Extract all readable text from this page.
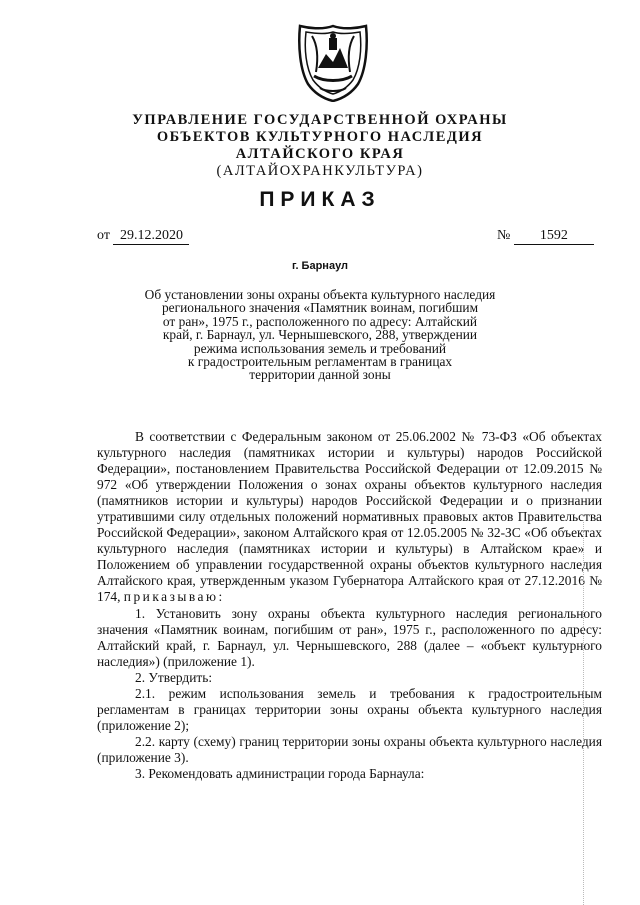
УПРАВЛЕНИЕ ГОСУДАРСТВЕННОЙ ОХРАНЫ
ОБЪЕКТОВ КУЛЬТУРНОГО НАСЛЕДИЯ
АЛТАЙСКОГО КРАЯ
(АЛТАЙОХРАНКУЛЬТУРА)
ПРИКАЗ
от 29.12.2020	№ 1592
г. Барнаул
Об установлении зоны охраны объекта культурного наследия
регионального значения «Памятник воинам, погибшим
от ран», 1975 г., расположенного по адресу: Алтайский
край, г. Барнаул, ул. Чернышевского, 288, утверждении
режима использования земель и требований
к градостроительным регламентам в границах
территории данной зоны

В соответствии с Федеральным законом от 25.06.2002 № 73-ФЗ «Об объектах культурного наследия (памятниках истории и культуры) народов Российской Федерации», постановлением Правительства Российской Федерации от 12.09.2015 № 972 «Об утверждении Положения о зонах охраны объектов культурного наследия (памятников истории и культуры) народов Российской Федерации и о признании утратившими силу отдельных положений нормативных правовых актов Правительства Российской Федерации», законом Алтайского края от 12.05.2005 № 32-ЗС «Об объектах культурного наследия (памятниках истории и культуры) в Алтайском крае» и Положением об управлении государственной охраны объектов культурного наследия Алтайского края, утвержденным указом Губернатора Алтайского края от 27.12.2016 № 174, приказываю:

1. Установить зону охраны объекта культурного наследия регионального значения «Памятник воинам, погибшим от ран», 1975 г., расположенного по адресу: Алтайский край, г. Барнаул, ул. Чернышевского, 288 (далее – «объект культурного наследия») (приложение 1).

2. Утвердить:

2.1. режим использования земель и требования к градостроительным регламентам в границах территории зоны охраны объекта культурного наследия (приложение 2);

2.2. карту (схему) границ территории зоны охраны объекта культурного наследия (приложение 3).

3. Рекомендовать администрации города Барнаула:
